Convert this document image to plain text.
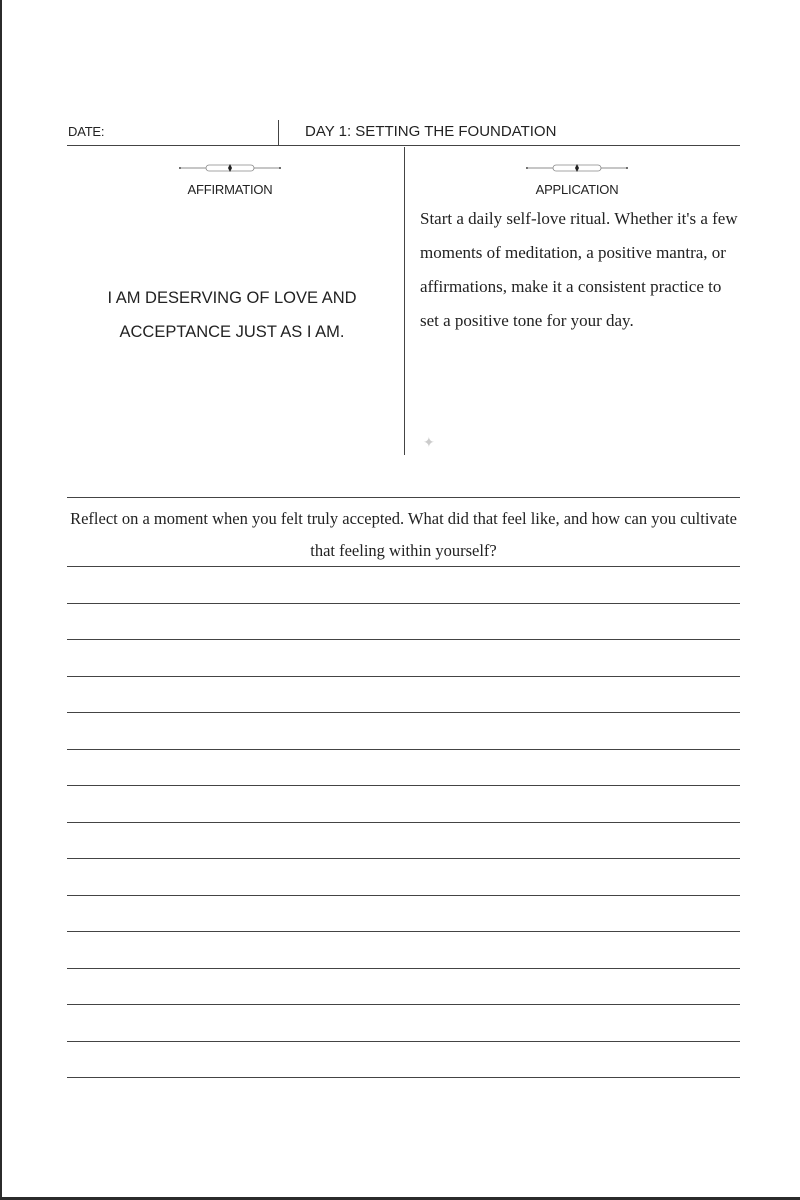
DATE:	DAY 1: SETTING THE FOUNDATION
AFFIRMATION	APPLICATION
I AM DESERVING OF LOVE AND ACCEPTANCE JUST AS I AM.
Start a daily self-love ritual. Whether it's a few moments of meditation, a positive mantra, or affirmations, make it a consistent practice to set a positive tone for your day.
✦
Reflect on a moment when you felt truly accepted. What did that feel like, and how can you cultivate that feeling within yourself?
